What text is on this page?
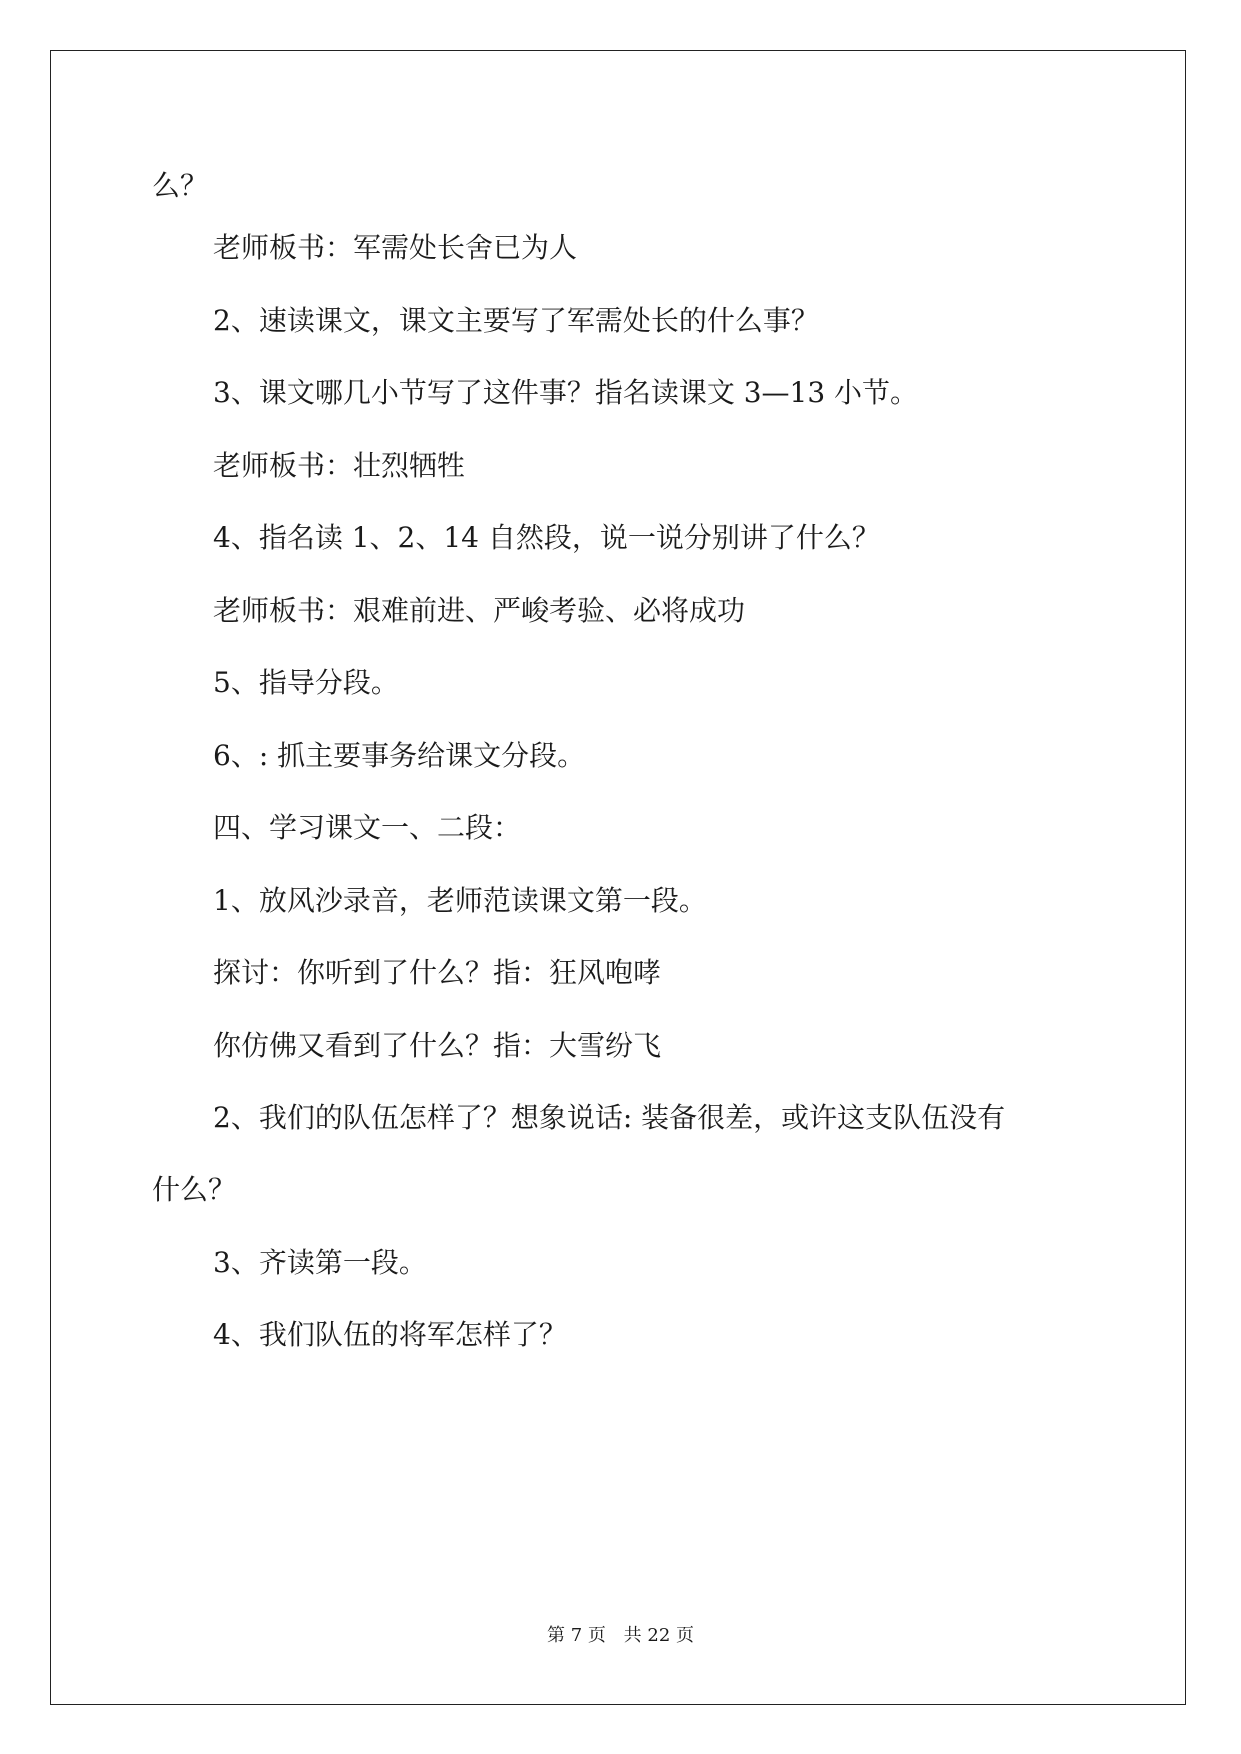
么？
老师板书：军需处长舍已为人
2、速读课文，课文主要写了军需处长的什么事？
3、课文哪几小节写了这件事？指名读课文 3—13 小节。
老师板书：壮烈牺牲
4、指名读 1、2、14 自然段，说一说分别讲了什么？
老师板书：艰难前进、严峻考验、必将成功
5、指导分段。
6、: 抓主要事务给课文分段。
四、学习课文一、二段：
1、放风沙录音，老师范读课文第一段。
探讨：你听到了什么？指：狂风咆哮
你仿佛又看到了什么？指：大雪纷飞
2、我们的队伍怎样了？想象说话: 装备很差，或许这支队伍没有
什么？
3、齐读第一段。
4、我们队伍的将军怎样了？
第 7 页 共 22 页
